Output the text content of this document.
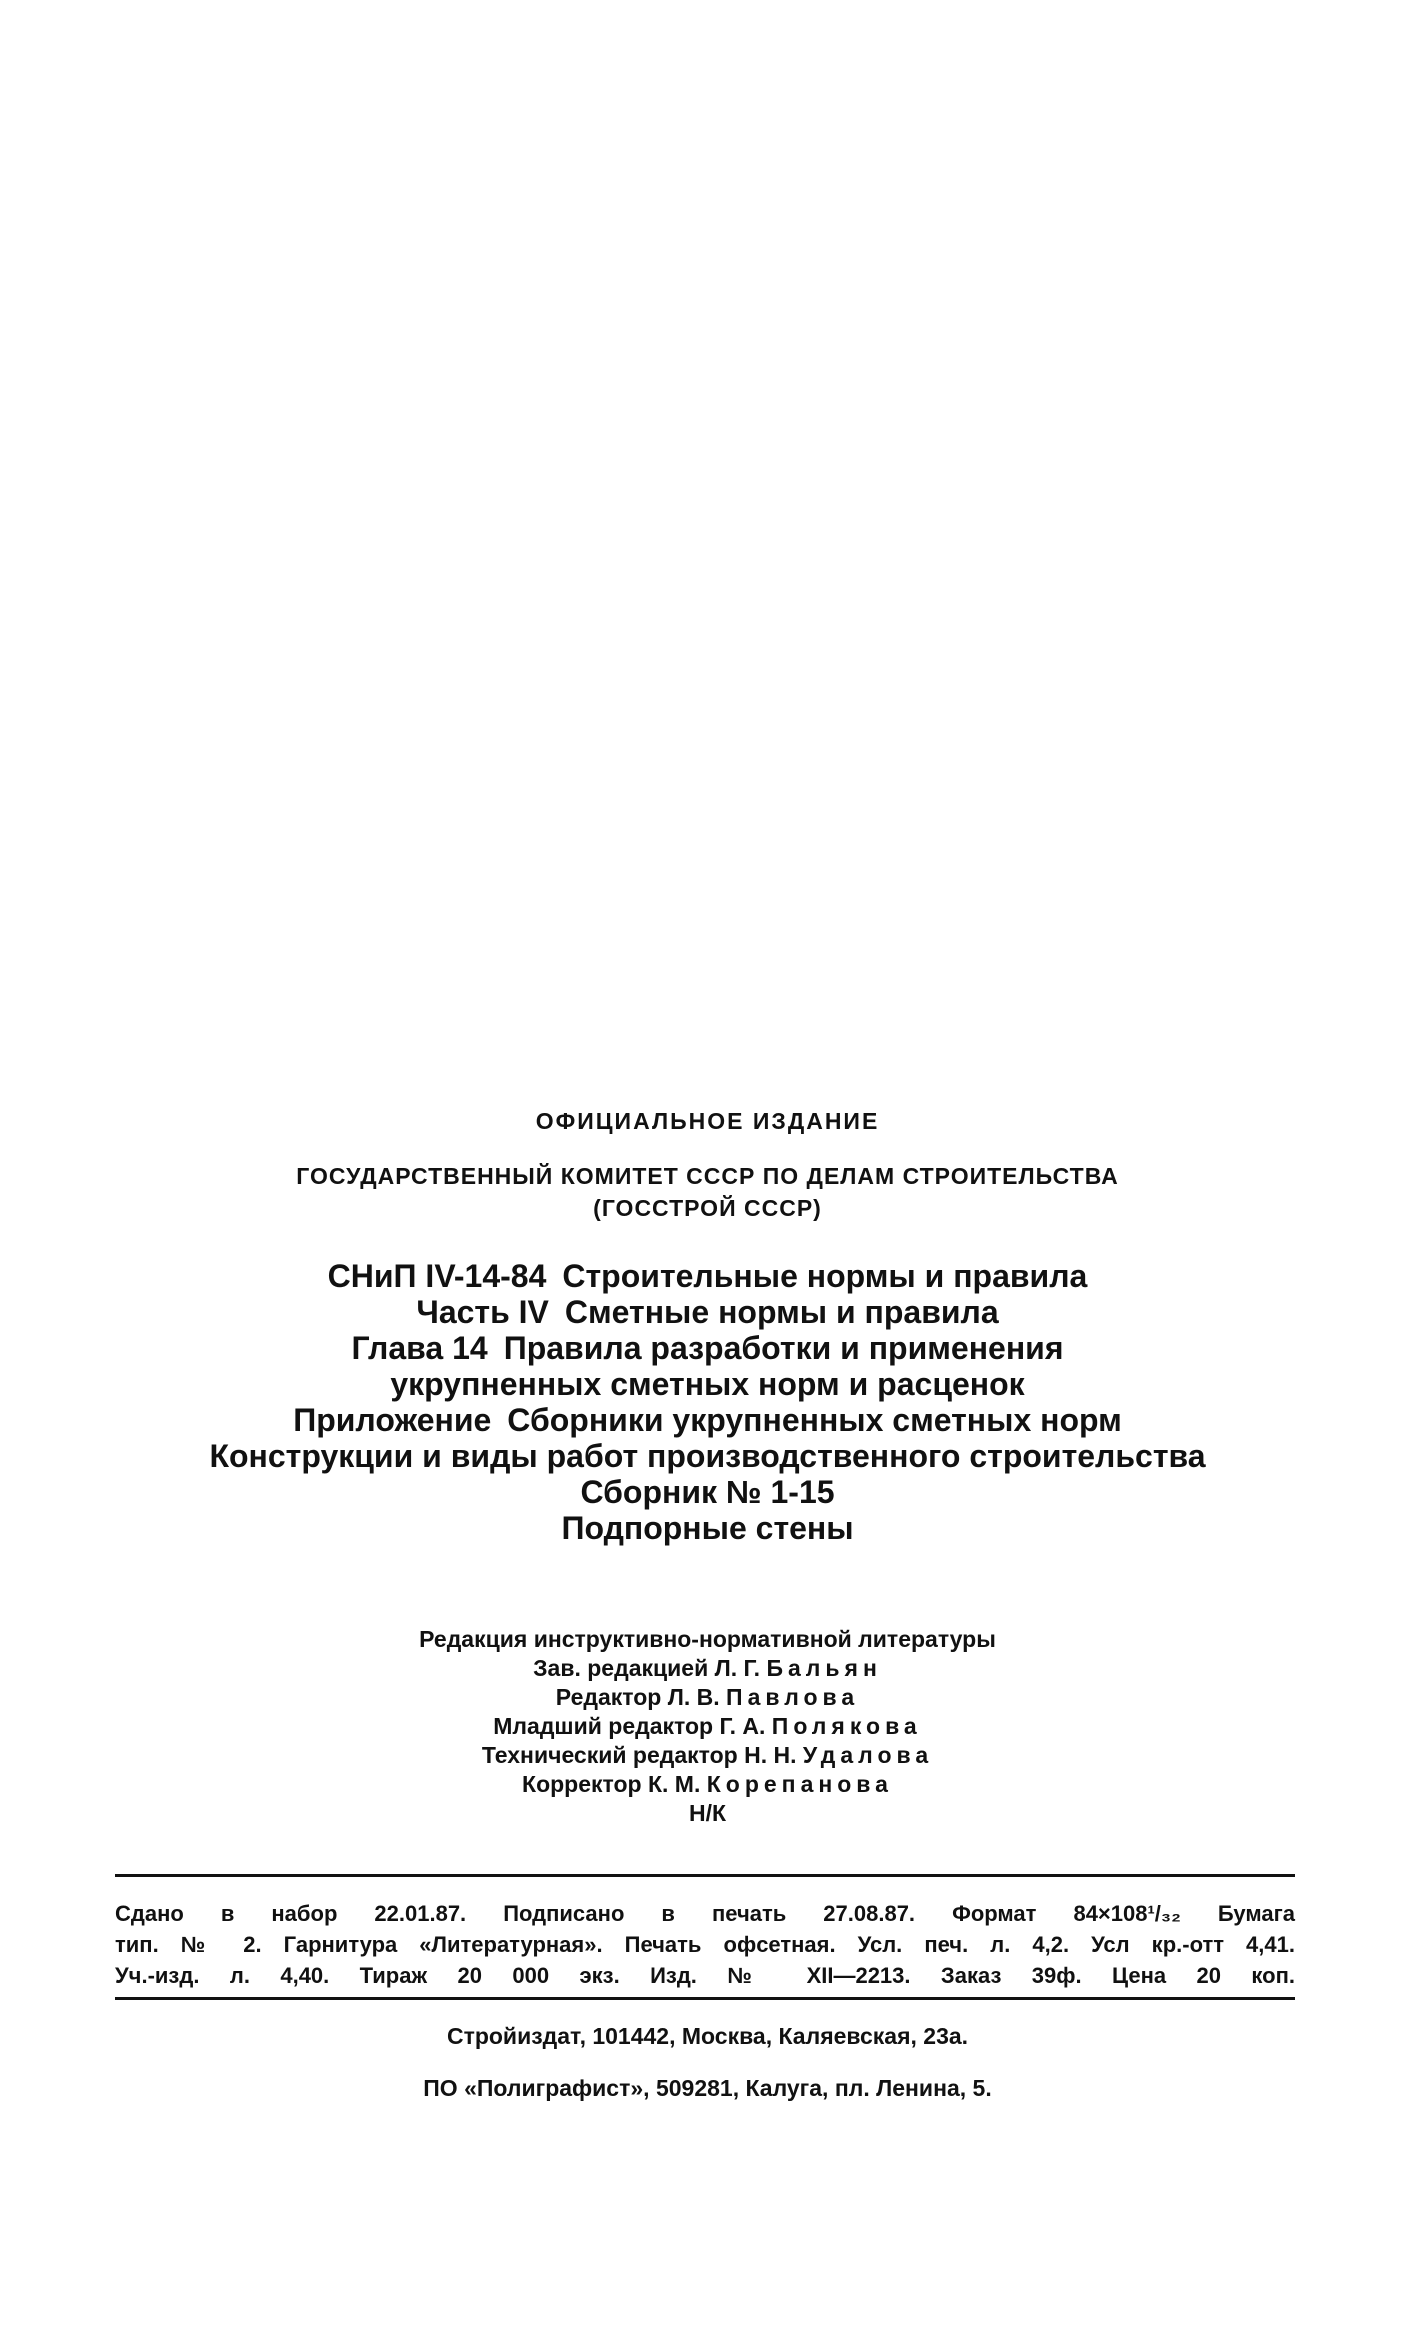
ОФИЦИАЛЬНОЕ ИЗДАНИЕ
ГОСУДАРСТВЕННЫЙ КОМИТЕТ СССР ПО ДЕЛАМ СТРОИТЕЛЬСТВА
(ГОССТРОЙ СССР)
СНиП IV-14-84 Строительные нормы и правила
Часть IV Сметные нормы и правила
Глава 14 Правила разработки и применения
укрупненных сметных норм и расценок
Приложение Сборники укрупненных сметных норм
Конструкции и виды работ производственного строительства
Сборник № 1-15
Подпорные стены
Редакция инструктивно-нормативной литературы
Зав. редакцией Л. Г. Бальян
Редактор Л. В. Павлова
Младший редактор Г. А. Полякова
Технический редактор Н. Н. Удалова
Корректор К. М. Корепанова
Н/К
Сдано в набор 22.01.87. Подписано в печать 27.08.87. Формат 84×108¹/₃₂ Бумага
тип. № 2. Гарнитура «Литературная». Печать офсетная. Усл. печ. л. 4,2. Усл кр.-отт 4,41.
Уч.-изд. л. 4,40. Тираж 20 000 экз. Изд. № XII—2213. Заказ 39ф. Цена 20 коп.
Стройиздат, 101442, Москва, Каляевская, 23а.
ПО «Полиграфист», 509281, Калуга, пл. Ленина, 5.
